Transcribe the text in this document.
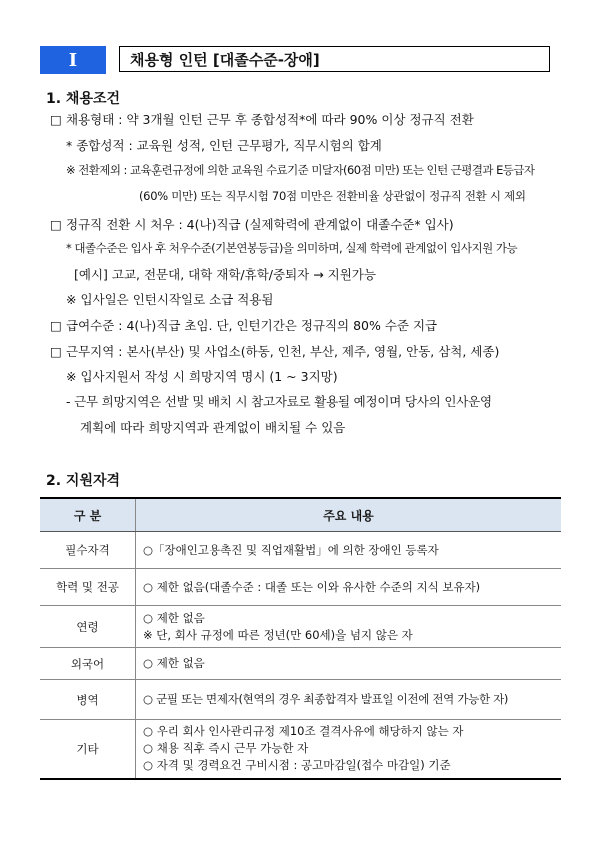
Ⅰ	채용형 인턴 [대졸수준-장애]
1. 채용조건
□ 채용형태 : 약 3개월 인턴 근무 후 종합성적*에 따라 90% 이상 정규직 전환
* 종합성적 : 교육원 성적, 인턴 근무평가, 직무시험의 합계
※ 전환제외 : 교육훈련규정에 의한 교육원 수료기준 미달자(60점 미만) 또는 인턴 근평결과 E등급자
(60% 미만) 또는 직무시험 70점 미만은 전환비율 상관없이 정규직 전환 시 제외
□ 정규직 전환 시 처우 : 4(나)직급 (실제학력에 관계없이 대졸수준* 입사)
* 대졸수준은 입사 후 처우수준(기본연봉등급)을 의미하며, 실제 학력에 관계없이 입사지원 가능
[예시] 고교, 전문대, 대학 재학/휴학/중퇴자 → 지원가능
※ 입사일은 인턴시작일로 소급 적용됨
□ 급여수준 : 4(나)직급 초임. 단, 인턴기간은 정규직의 80% 수준 지급
□ 근무지역 : 본사(부산) 및 사업소(하동, 인천, 부산, 제주, 영월, 안동, 삼척, 세종)
※ 입사지원서 작성 시 희망지역 명시 (1 ~ 3지망)
- 근무 희망지역은 선발 및 배치 시 참고자료로 활용될 예정이며 당사의 인사운영
계획에 따라 희망지역과 관계없이 배치될 수 있음
2. 지원자격
구 분	주요 내용
필수자격	○「장애인고용촉진 및 직업재활법」에 의한 장애인 등록자

학력 및 전공	○ 제한 없음(대졸수준 : 대졸 또는 이와 유사한 수준의 지식 보유자)

연령	○ 제한 없음
※ 단, 회사 규정에 따른 정년(만 60세)을 넘지 않은 자

외국어	○ 제한 없음

병역	○ 군필 또는 면제자(현역의 경우 최종합격자 발표일 이전에 전역 가능한 자)

기타	○ 우리 회사 인사관리규정 제10조 결격사유에 해당하지 않는 자
○ 채용 직후 즉시 근무 가능한 자
○ 자격 및 경력요건 구비시점 : 공고마감일(접수 마감일) 기준
